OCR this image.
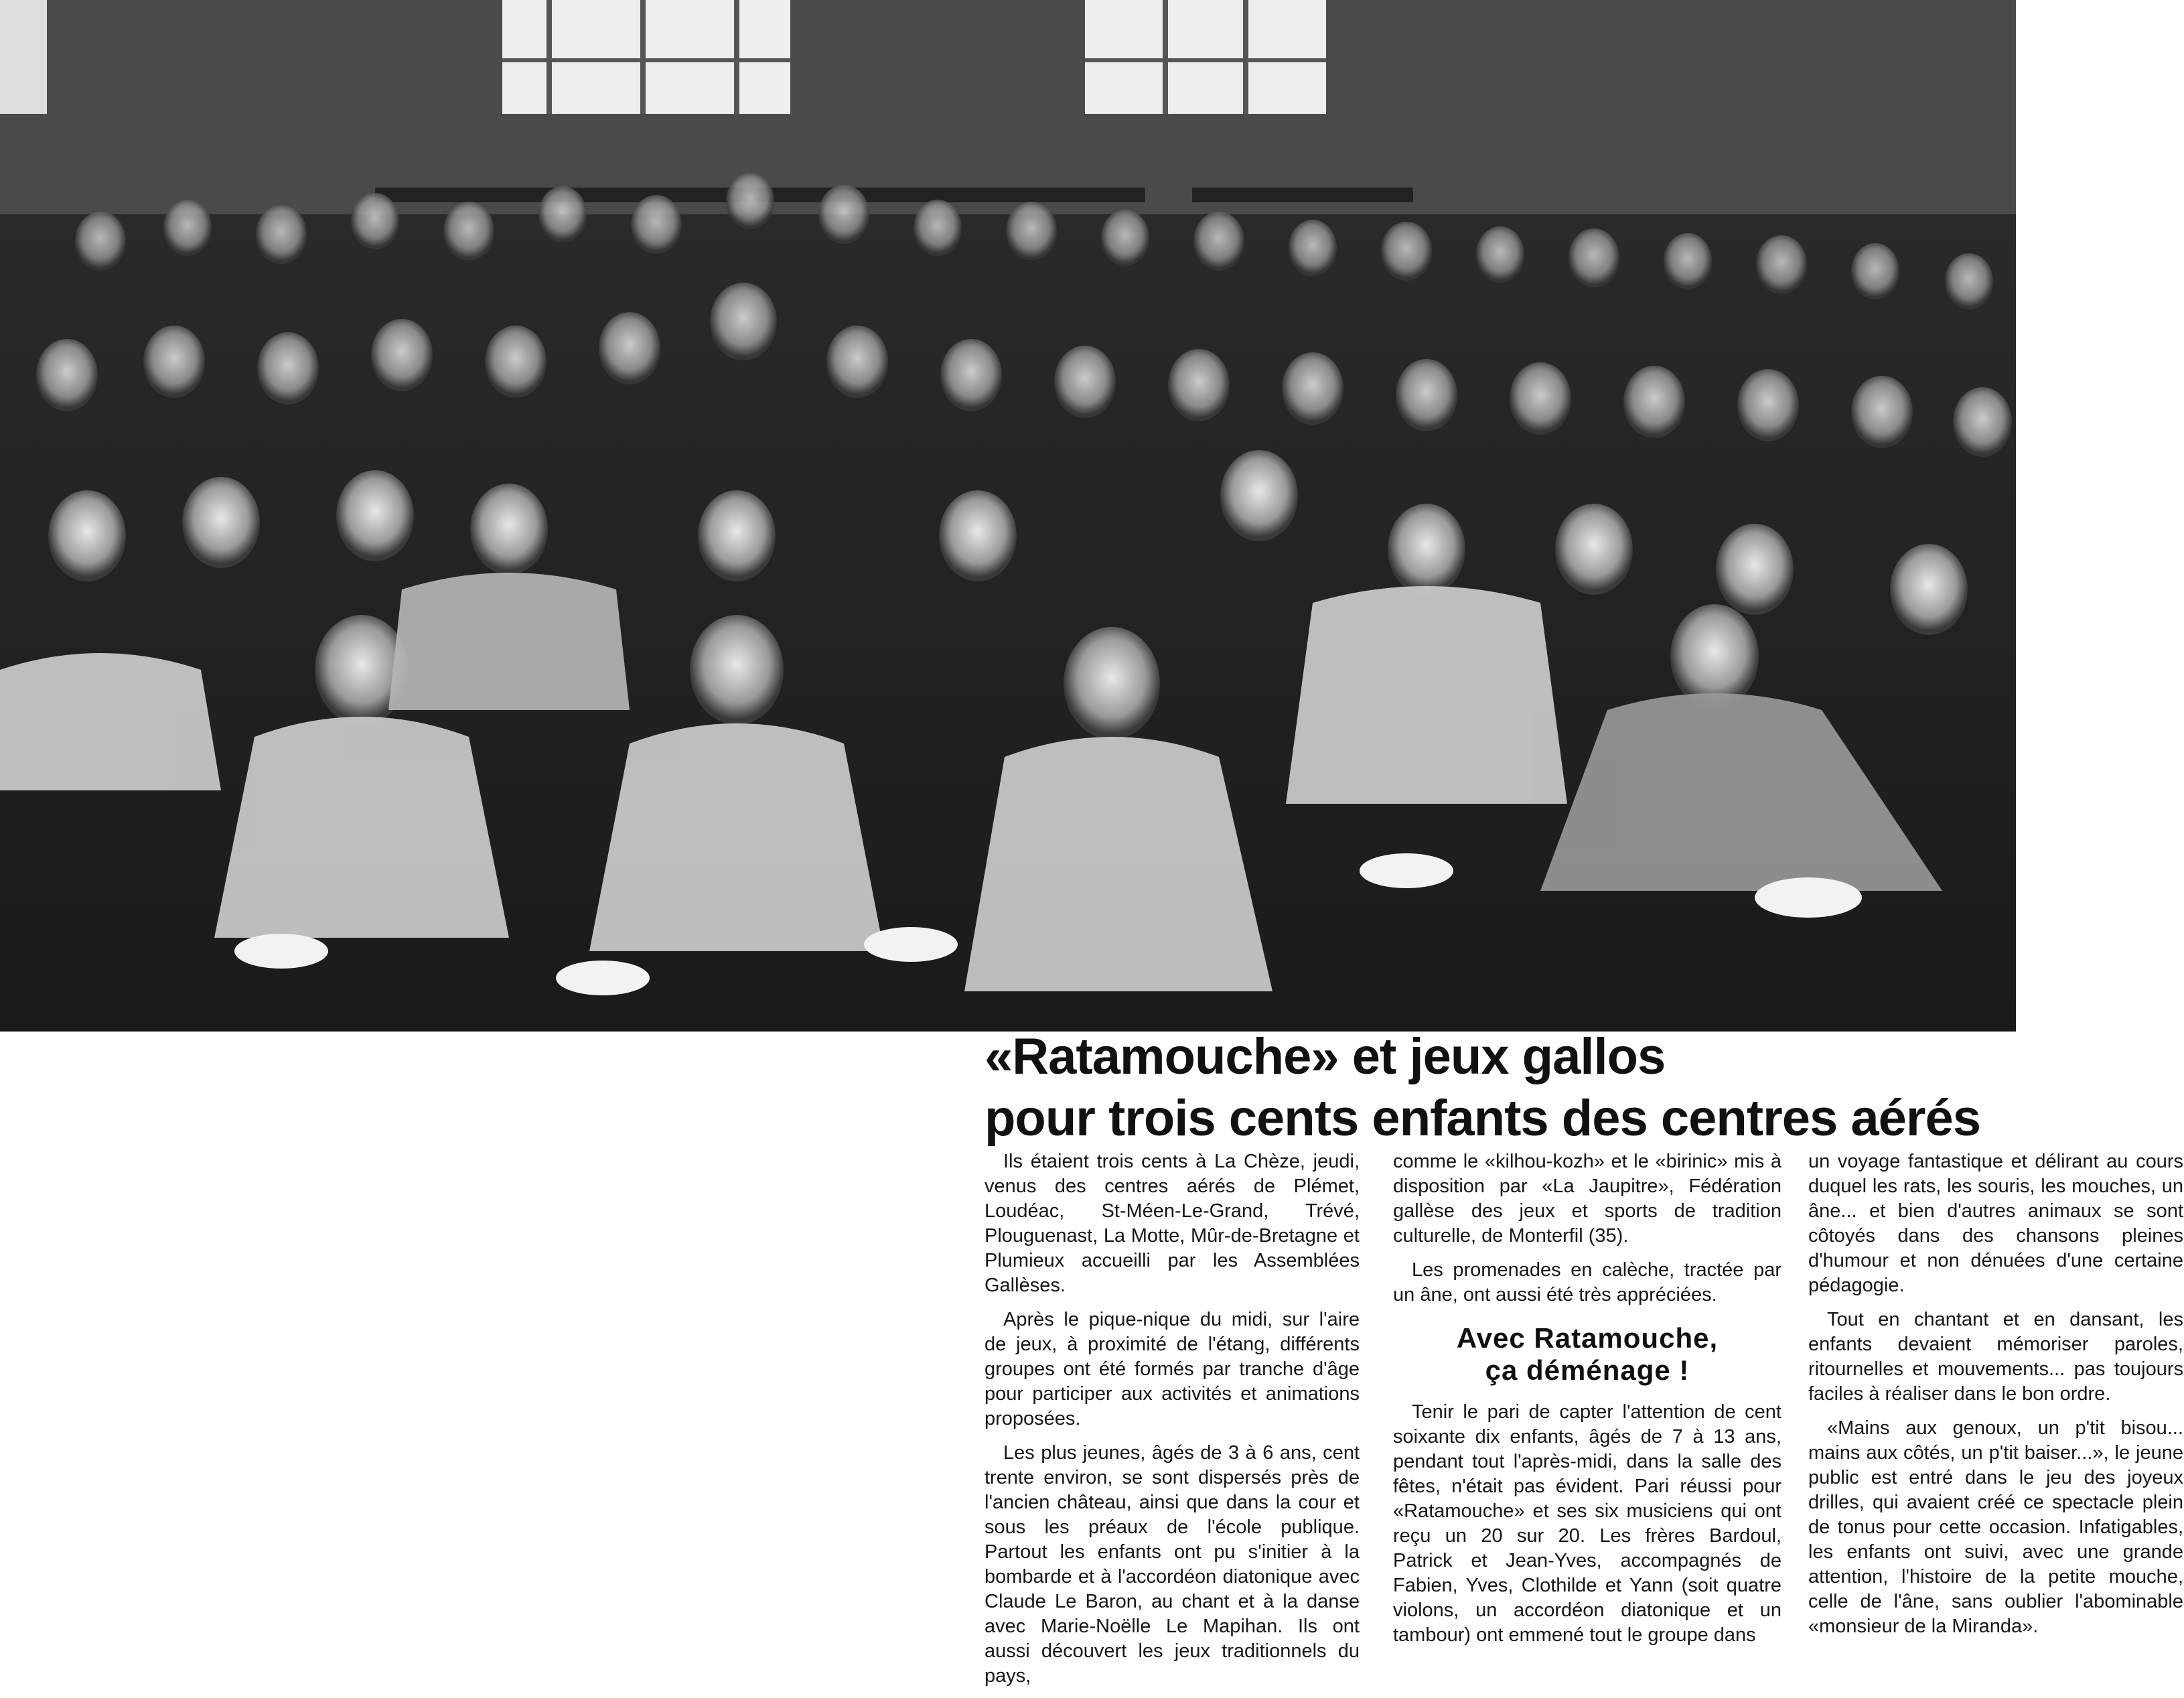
«Ratamouche» et jeux gallos
pour trois cents enfants des centres aérés

Ils étaient trois cents à La Chèze, jeudi, venus des centres aérés de Plémet, Loudéac, St-Méen-Le-Grand, Trévé, Plouguenast, La Motte, Mûr-de-Bretagne et Plumieux accueilli par les Assemblées Gallèses.

Après le pique-nique du midi, sur l'aire de jeux, à proximité de l'étang, différents groupes ont été formés par tranche d'âge pour participer aux activités et animations proposées.

Les plus jeunes, âgés de 3 à 6 ans, cent trente environ, se sont dispersés près de l'ancien château, ainsi que dans la cour et sous les préaux de l'école publique. Partout les enfants ont pu s'initier à la bombarde et à l'accordéon diatonique avec Claude Le Baron, au chant et à la danse avec Marie-Noëlle Le Mapihan. Ils ont aussi découvert les jeux traditionnels du pays,

comme le «kilhou-kozh» et le «birinic» mis à disposition par «La Jaupitre», Fédération gallèse des jeux et sports de tradition culturelle, de Monterfil (35).

Les promenades en calèche, tractée par un âne, ont aussi été très appréciées.

Avec Ratamouche,
ça déménage !

Tenir le pari de capter l'attention de cent soixante dix enfants, âgés de 7 à 13 ans, pendant tout l'après-midi, dans la salle des fêtes, n'était pas évident. Pari réussi pour «Ratamouche» et ses six musiciens qui ont reçu un 20 sur 20. Les frères Bardoul, Patrick et Jean-Yves, accompagnés de Fabien, Yves, Clothilde et Yann (soit quatre violons, un accordéon diatonique et un tambour) ont emmené tout le groupe dans

un voyage fantastique et délirant au cours duquel les rats, les souris, les mouches, un âne... et bien d'autres animaux se sont côtoyés dans des chansons pleines d'humour et non dénuées d'une certaine pédagogie.

Tout en chantant et en dansant, les enfants devaient mémoriser paroles, ritournelles et mouvements... pas toujours faciles à réaliser dans le bon ordre.

«Mains aux genoux, un p'tit bisou... mains aux côtés, un p'tit baiser...», le jeune public est entré dans le jeu des joyeux drilles, qui avaient créé ce spectacle plein de tonus pour cette occasion. Infatigables, les enfants ont suivi, avec une grande attention, l'histoire de la petite mouche, celle de l'âne, sans oublier l'abominable «monsieur de la Miranda».
